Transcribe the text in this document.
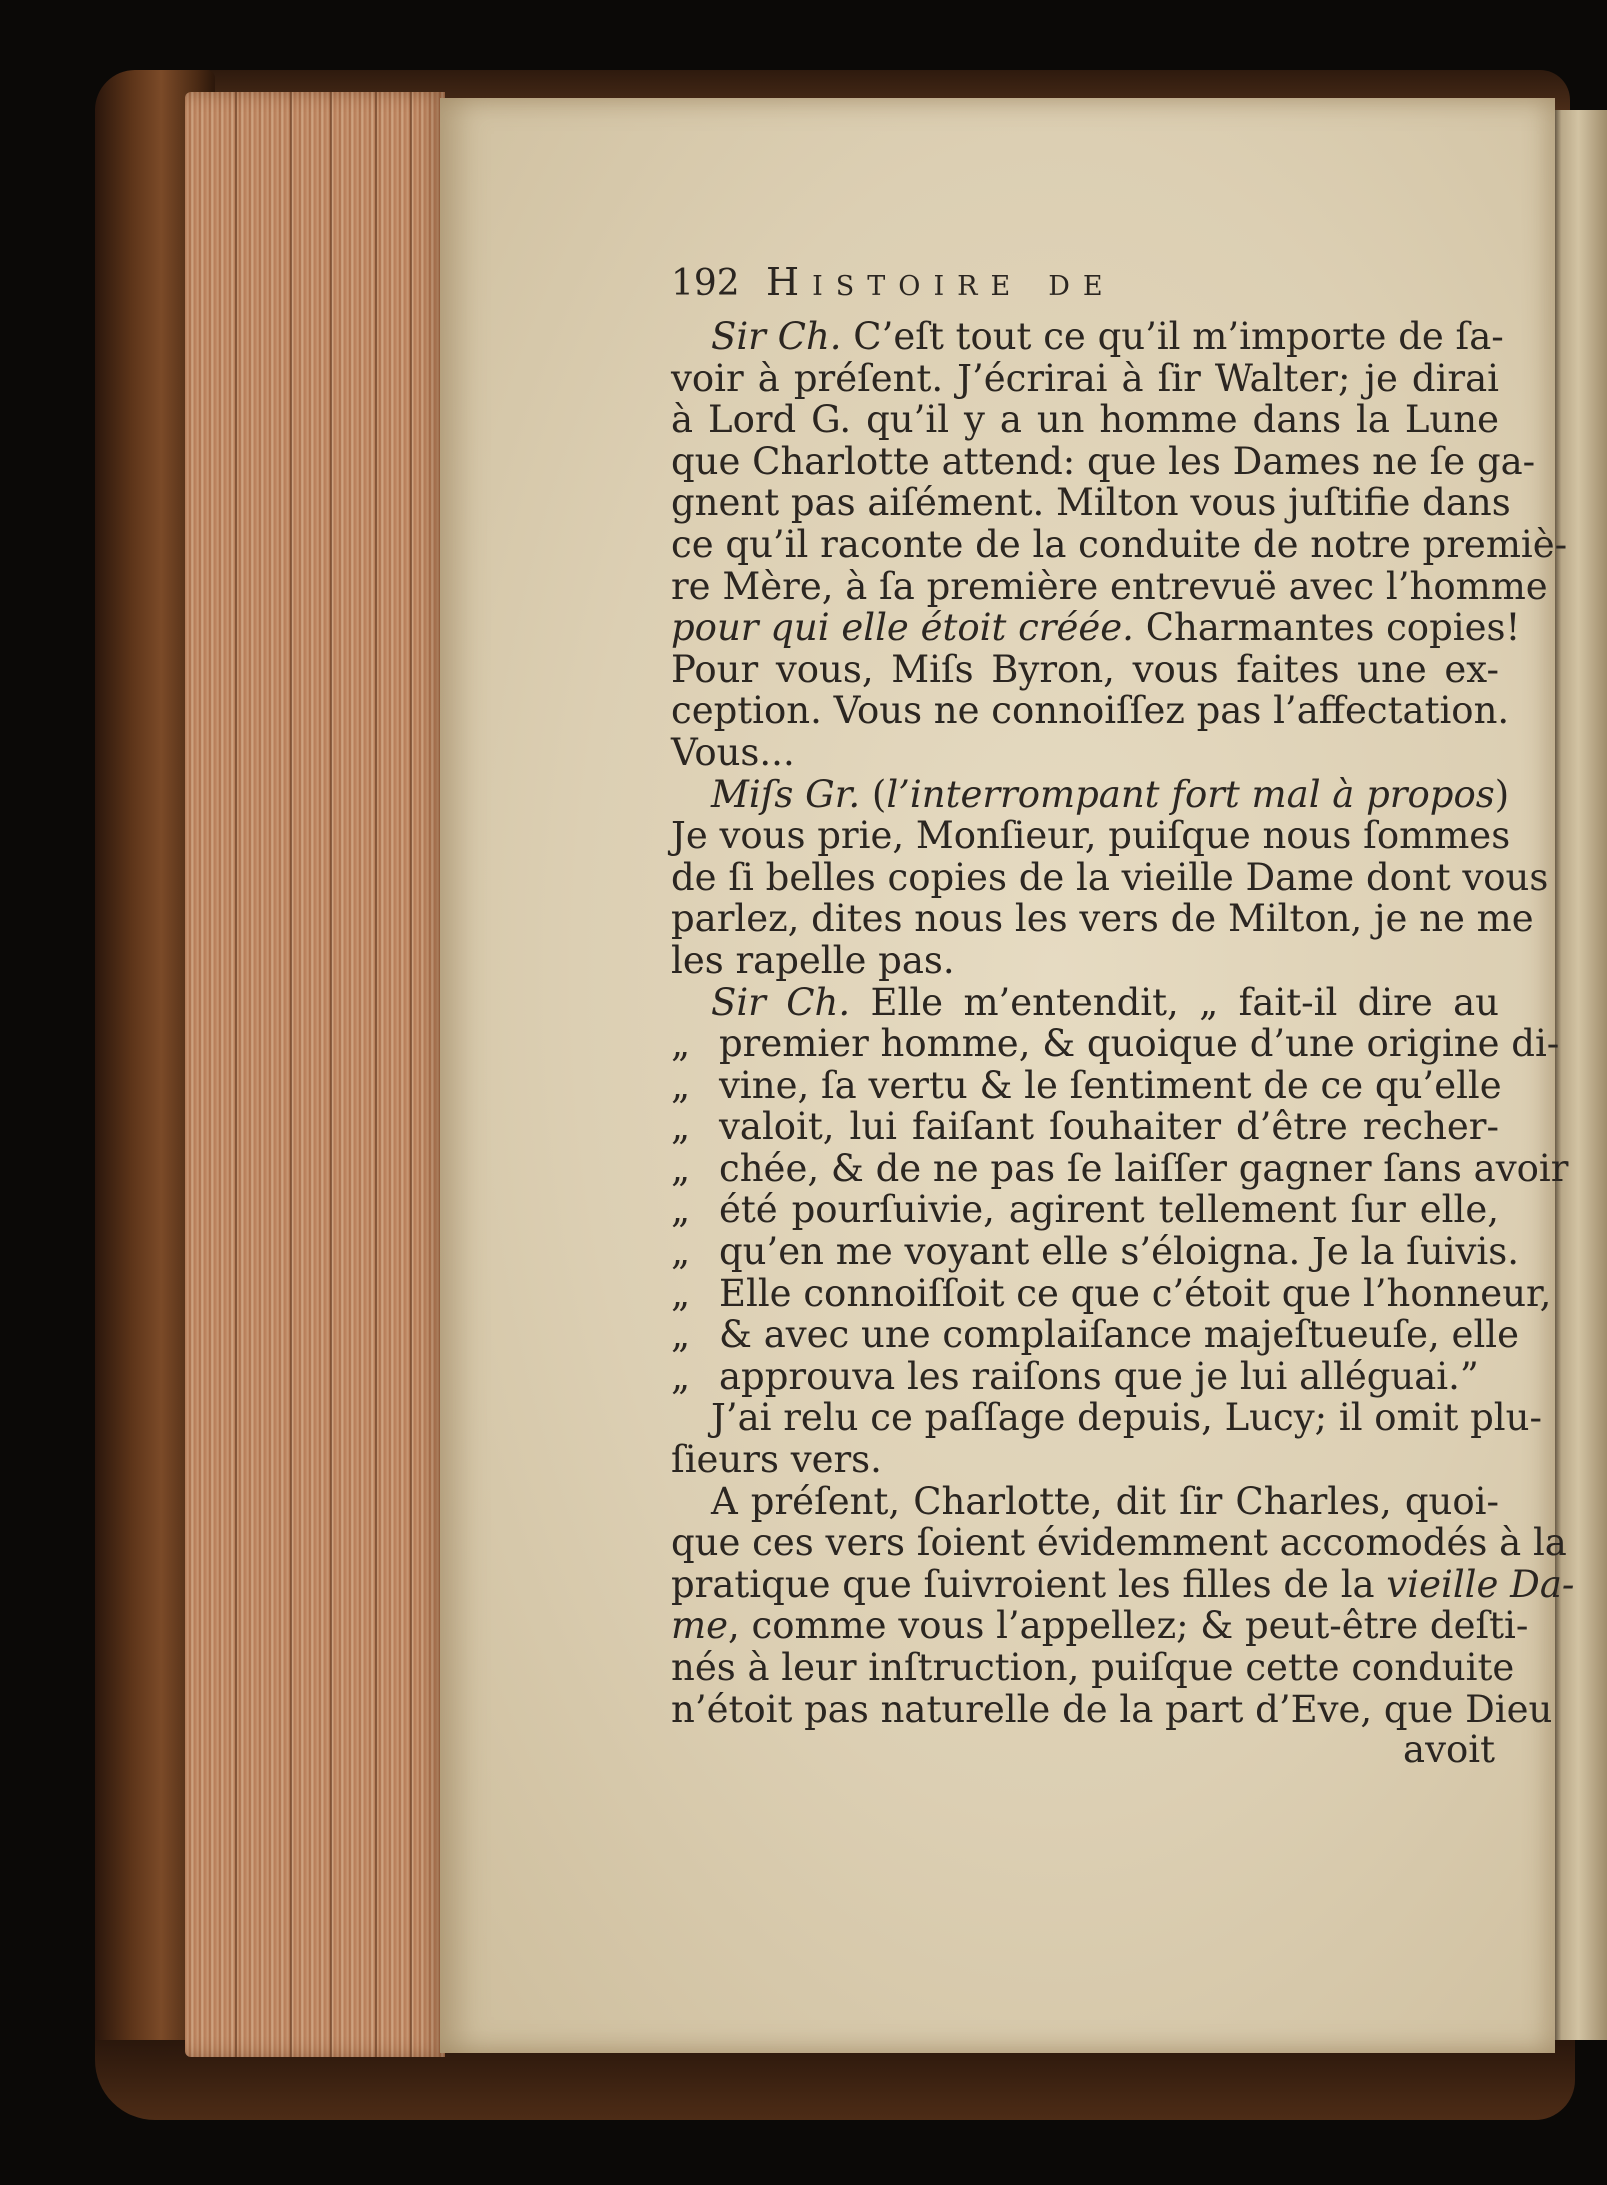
192 Histoire de
Sir Ch. C’eſt tout ce qu’il m’importe de ſa-
voir à préſent. J’écrirai à ſir Walter; je dirai
à Lord G. qu’il y a un homme dans la Lune
que Charlotte attend: que les Dames ne ſe ga-
gnent pas aiſément. Milton vous juſtifie dans
ce qu’il raconte de la conduite de notre premiè-
re Mère, à ſa première entrevuë avec l’homme
pour qui elle étoit créée. Charmantes copies!
Pour vous, Miſs Byron, vous faites une ex-
ception. Vous ne connoiſſez pas l’affectation.
Vous...
Miſs Gr. (l’interrompant fort mal à propos)
Je vous prie, Monſieur, puiſque nous ſommes
de ſi belles copies de la vieille Dame dont vous
parlez, dites nous les vers de Milton, je ne me
les rapelle pas.
Sir Ch. Elle m’entendit, „ fait-il dire au
„ premier homme, & quoique d’une origine di-
„ vine, ſa vertu & le ſentiment de ce qu’elle
„ valoit, lui faiſant ſouhaiter d’être recher-
„ chée, & de ne pas ſe laiſſer gagner ſans avoir
„ été pourſuivie, agirent tellement ſur elle,
„ qu’en me voyant elle s’éloigna. Je la ſuivis.
„ Elle connoiſſoit ce que c’étoit que l’honneur,
„ & avec une complaiſance majeſtueuſe, elle
„ approuva les raiſons que je lui alléguai.”
J’ai relu ce paſſage depuis, Lucy; il omit plu-
ſieurs vers.
A préſent, Charlotte, dit ſir Charles, quoi-
que ces vers ſoient évidemment accomodés à la
pratique que ſuivroient les filles de la vieille Da-
me, comme vous l’appellez; & peut-être deſti-
nés à leur inſtruction, puiſque cette conduite
n’étoit pas naturelle de la part d’Eve, que Dieu
avoit
